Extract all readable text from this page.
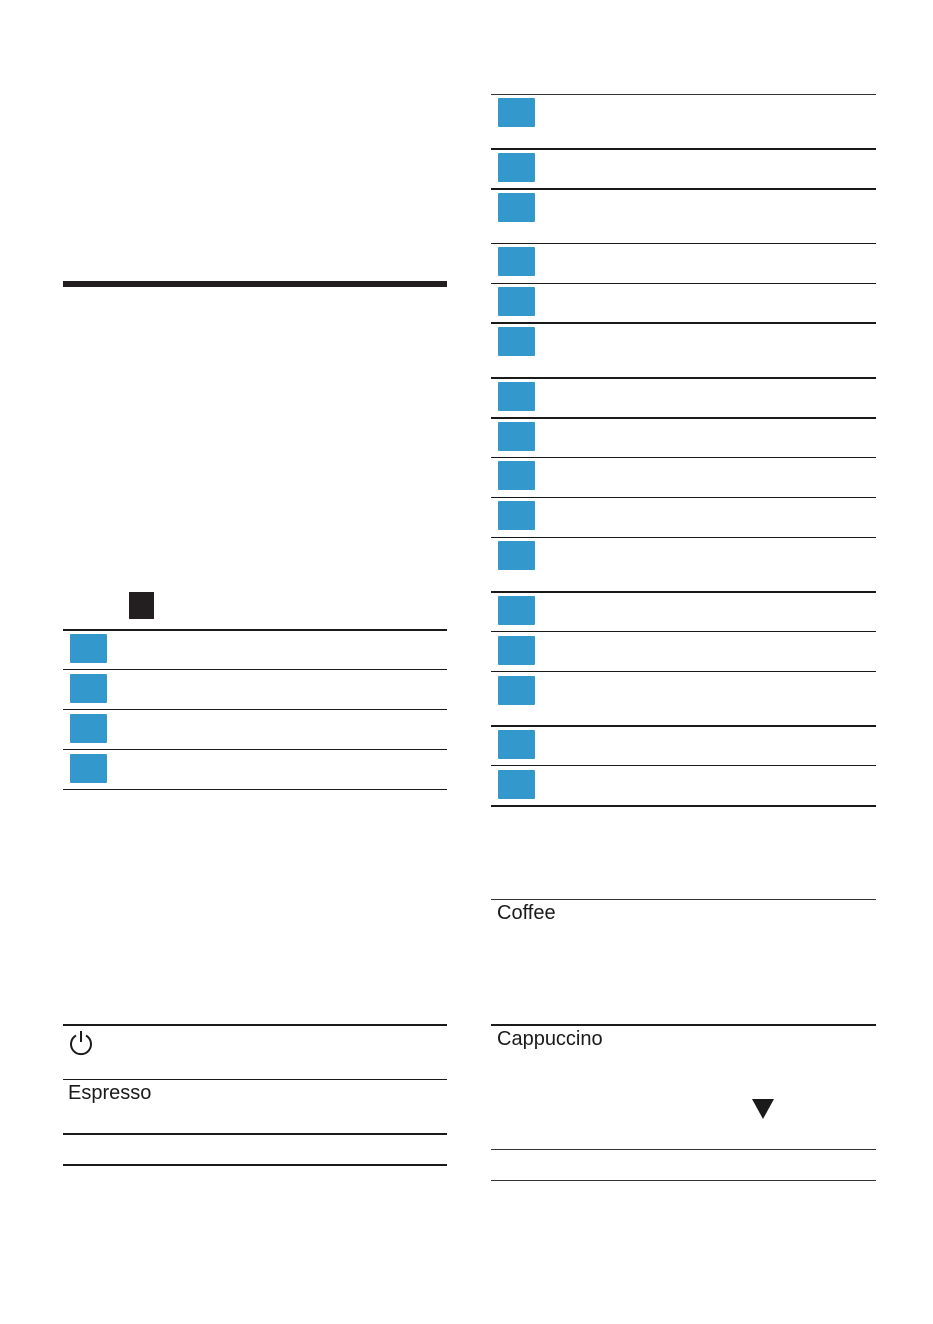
Espresso
Coffee
Cappuccino
